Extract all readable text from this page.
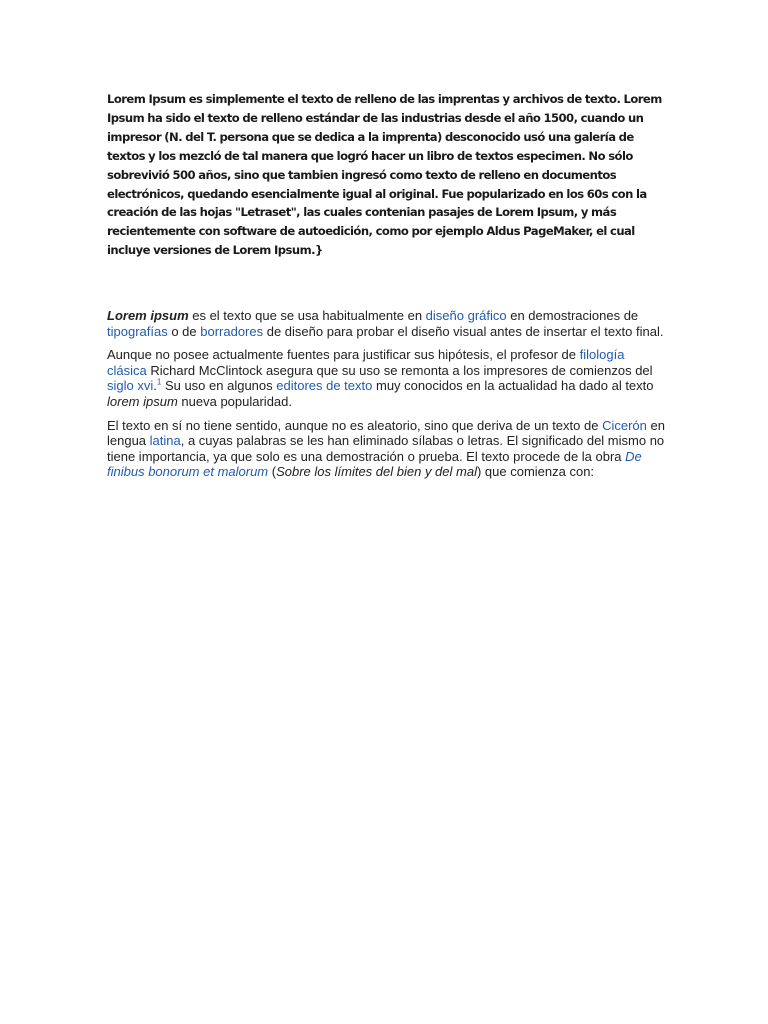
Lorem Ipsum es simplemente el texto de relleno de las imprentas y archivos de texto. Lorem Ipsum ha sido el texto de relleno estándar de las industrias desde el año 1500, cuando un impresor (N. del T. persona que se dedica a la imprenta) desconocido usó una galería de textos y los mezcló de tal manera que logró hacer un libro de textos especimen. No sólo sobrevivió 500 años, sino que tambien ingresó como texto de relleno en documentos electrónicos, quedando esencialmente igual al original. Fue popularizado en los 60s con la creación de las hojas "Letraset", las cuales contenian pasajes de Lorem Ipsum, y más recientemente con software de autoedición, como por ejemplo Aldus PageMaker, el cual incluye versiones de Lorem Ipsum.}

Lorem ipsum es el texto que se usa habitualmente en diseño gráfico en demostraciones de tipografías o de borradores de diseño para probar el diseño visual antes de insertar el texto final.

Aunque no posee actualmente fuentes para justificar sus hipótesis, el profesor de filología clásica Richard McClintock asegura que su uso se remonta a los impresores de comienzos del siglo xvi.$^1$ Su uso en algunos editores de texto muy conocidos en la actualidad ha dado al texto lorem ipsum nueva popularidad.

El texto en sí no tiene sentido, aunque no es aleatorio, sino que deriva de un texto de Cicerón en lengua latina, a cuyas palabras se les han eliminado sílabas o letras. El significado del mismo no tiene importancia, ya que solo es una demostración o prueba. El texto procede de la obra De finibus bonorum et malorum (Sobre los límites del bien y del mal) que comienza con:
